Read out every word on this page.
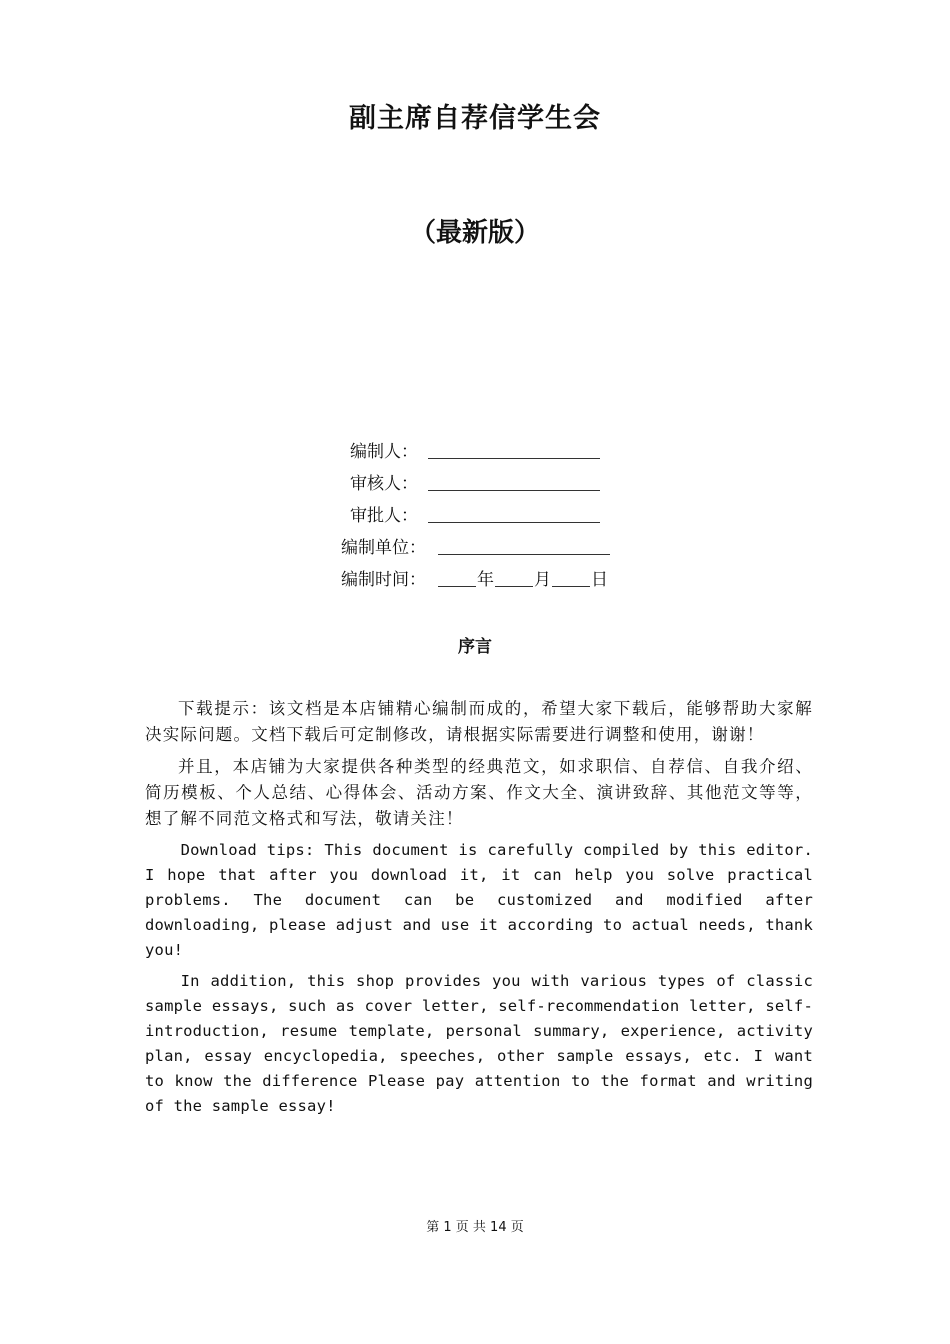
副主席自荐信学生会
（最新版）
编制人：
审核人：
审批人：
编制单位：
编制时间：	年 月 日
序言

下载提示：该文档是本店铺精心编制而成的，希望大家下载后，能够帮助大家解决实际问题。文档下载后可定制修改，请根据实际需要进行调整和使用，谢谢！

并且，本店铺为大家提供各种类型的经典范文，如求职信、自荐信、自我介绍、简历模板、个人总结、心得体会、活动方案、作文大全、演讲致辞、其他范文等等，想了解不同范文格式和写法，敬请关注！

Download tips: This document is carefully compiled by this editor. I hope that after you download it, it can help you solve practical problems. The document can be customized and modified after downloading, please adjust and use it according to actual needs, thank you!

In addition, this shop provides you with various types of classic sample essays, such as cover letter, self-recommendation letter, self-introduction, resume template, personal summary, experience, activity plan, essay encyclopedia, speeches, other sample essays, etc. I want to know the difference Please pay attention to the format and writing of the sample essay!

第 1 页 共 14 页
